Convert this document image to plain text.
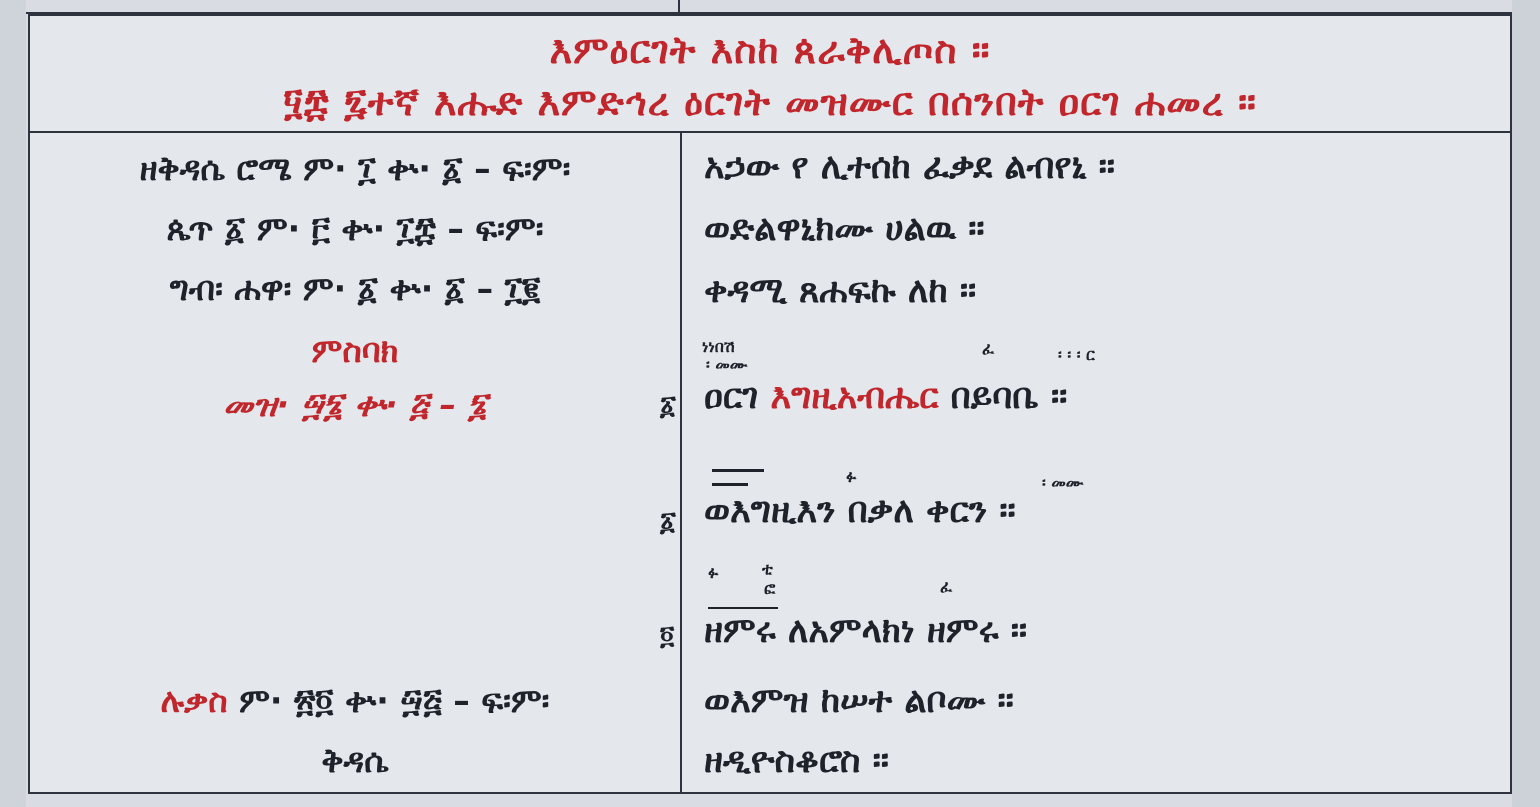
እምዕርገት እስከ ጰራቅሊጦስ ።
፶፰ ፯ተኛ እሑድ እምድኅረ ዕርገት መዝሙር በሰንበት ዐርገ ሐመረ ።
ዘቅዳሴ ሮሜ ም· ፲ ቍ· ፩ – ፍ፡ም፡
ጴጥ ፩ ም· ፫ ቍ· ፲፰ – ፍ፡ም፡
ግብ፡ ሐዋ፡ ም· ፩ ቍ· ፩ – ፲፪
ምስባክ
መዝ· ፵፮ ቍ· ፭ – ፮
ሉቃስ ም· ፳፬ ቍ· ፵፭ – ፍ፡ም፡
ቅዳሴ
፩
፩
፬
አኃው የ ሊተሰከ ፈቃደ ልብየኒ ።
ወድልዋኒክሙ ሀልዉ ።
ቀዳሚ ጸሐፍኩ ለከ ።
ነነበሽ
፡ መሙ
ፈ	፡ ፡ ፡ ር
ዐርገ እግዚአብሔር በይባቤ ።
ፉ	፡ መሙ
ወእግዚእን በቃለ ቀርን ።
ፉ	ቲ
ፎ	ፈ
ዘምሩ ለአምላክነ ዘምሩ ።
ወእምዝ ከሠተ ልቦሙ ።
ዘዲዮስቆሮስ ።
